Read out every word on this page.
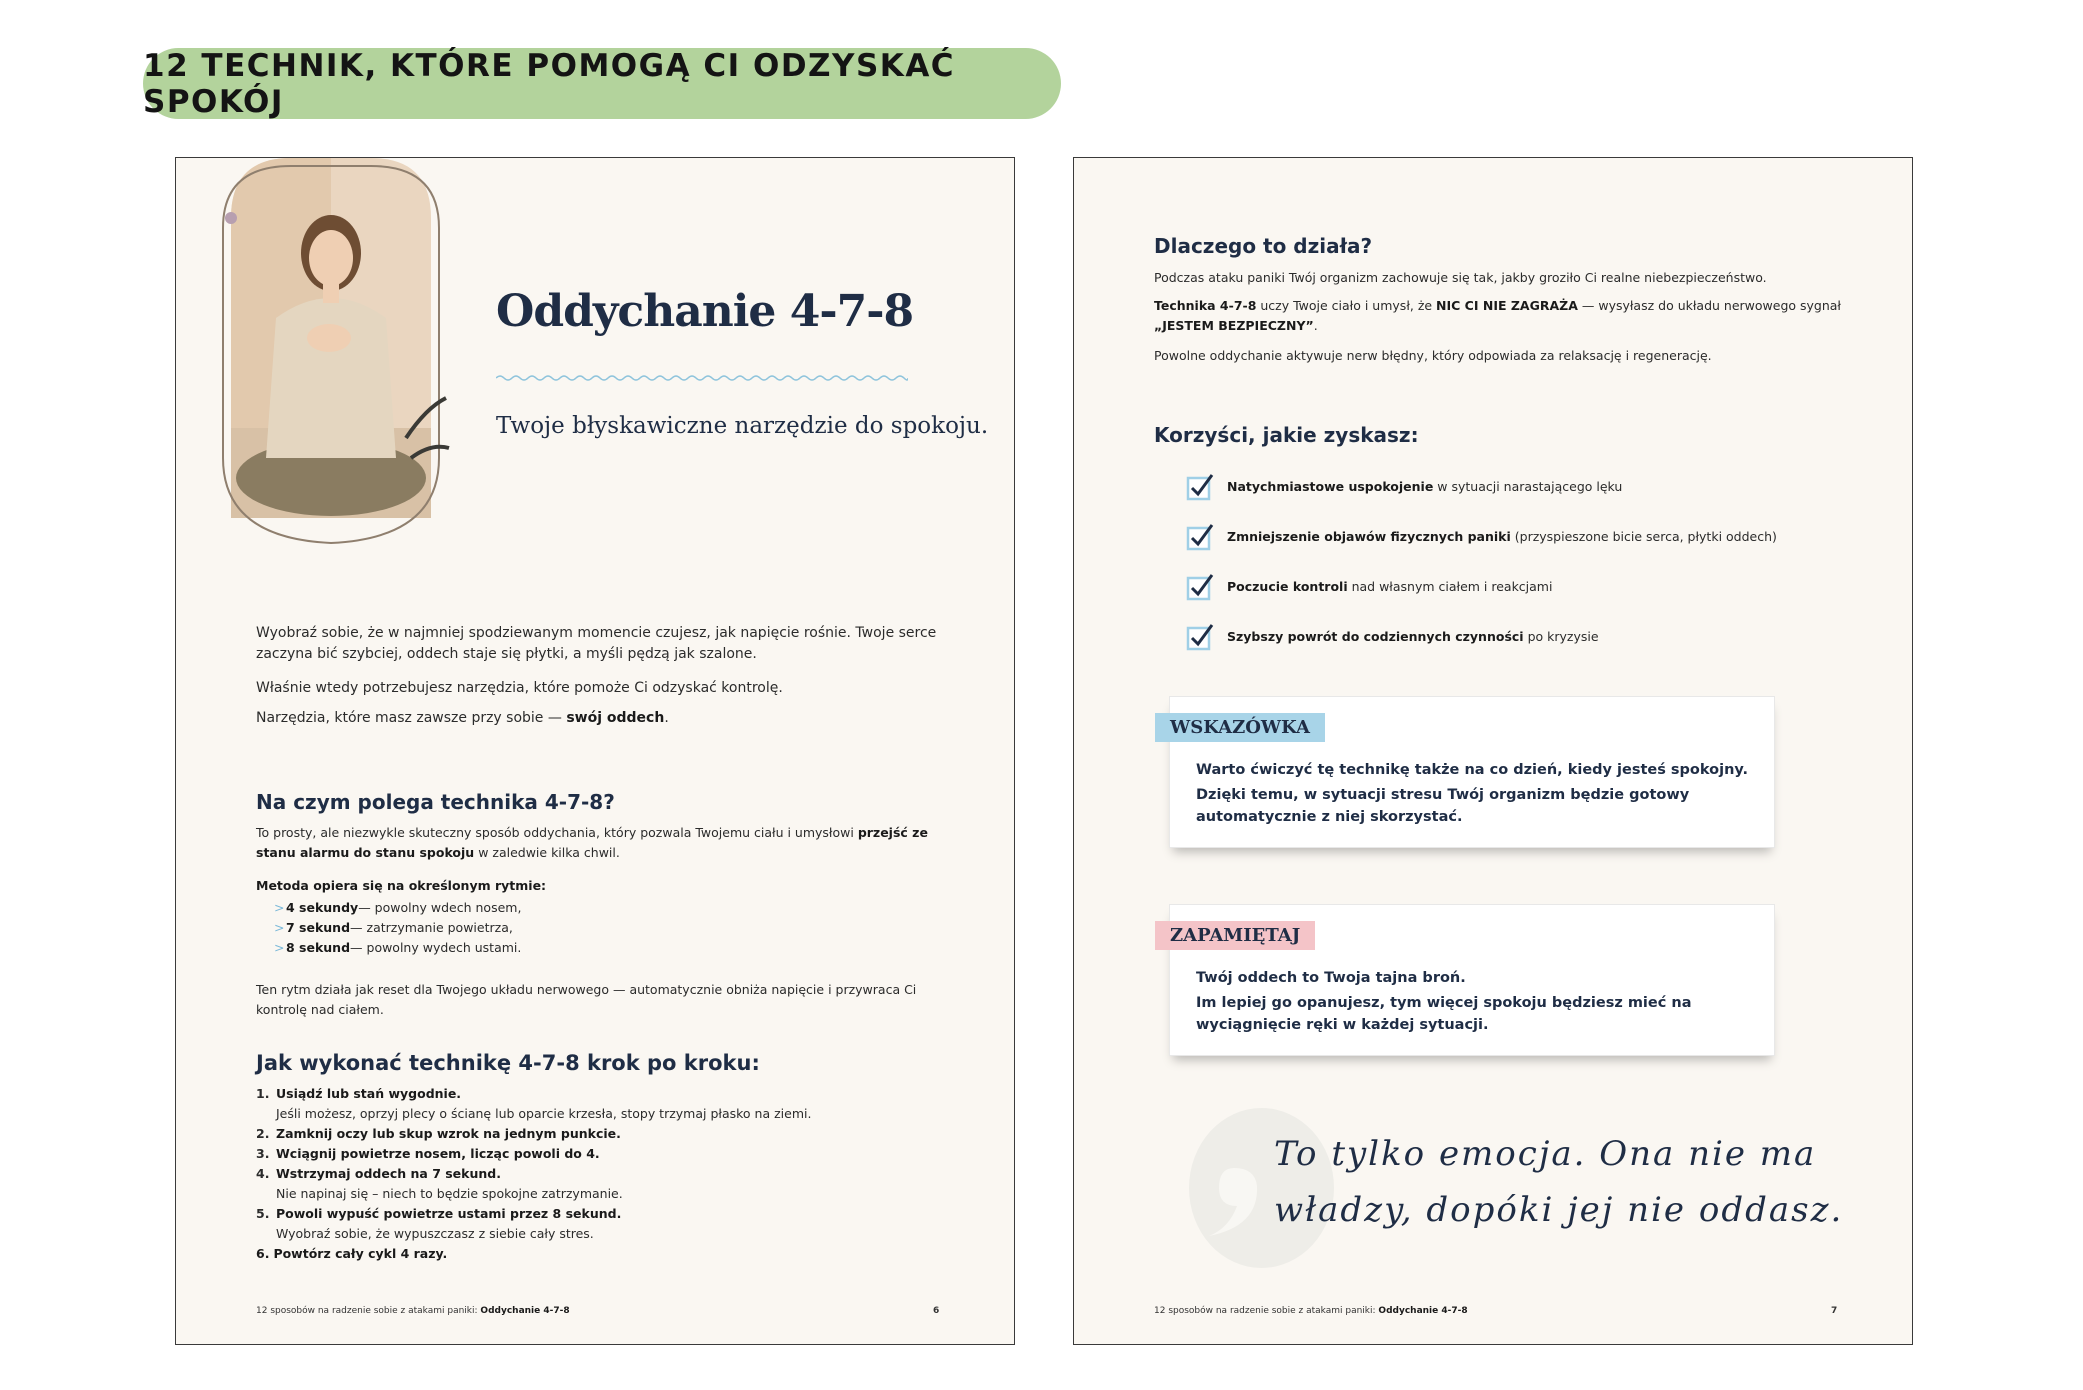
12 TECHNIK, KTÓRE POMOGĄ CI ODZYSKAĆ SPOKÓJ
Oddychanie 4-7-8
Twoje błyskawiczne narzędzie do spokoju.
Wyobraź sobie, że w najmniej spodziewanym momencie czujesz, jak napięcie rośnie. Twoje serce zaczyna bić szybciej, oddech staje się płytki, a myśli pędzą jak szalone.
Właśnie wtedy potrzebujesz narzędzia, które pomoże Ci odzyskać kontrolę.
Narzędzia, które masz zawsze przy sobie — swój oddech.
Na czym polega technika 4-7-8?
To prosty, ale niezwykle skuteczny sposób oddychania, który pozwala Twojemu ciału i umysłowi przejść ze stanu alarmu do stanu spokoju w zaledwie kilka chwil.
Metoda opiera się na określonym rytmie:
> 4 sekundy — powolny wdech nosem,
> 7 sekund — zatrzymanie powietrza,
> 8 sekund — powolny wydech ustami.
Ten rytm działa jak reset dla Twojego układu nerwowego — automatycznie obniża napięcie i przywraca Ci kontrolę nad ciałem.
Jak wykonać technikę 4-7-8 krok po kroku:
1. Usiądź lub stań wygodnie.
Jeśli możesz, oprzyj plecy o ścianę lub oparcie krzesła, stopy trzymaj płasko na ziemi.
2. Zamknij oczy lub skup wzrok na jednym punkcie.
3. Wciągnij powietrze nosem, licząc powoli do 4.
4. Wstrzymaj oddech na 7 sekund.
Nie napinaj się – niech to będzie spokojne zatrzymanie.
5. Powoli wypuść powietrze ustami przez 8 sekund.
Wyobraź sobie, że wypuszczasz z siebie cały stres.
6. Powtórz cały cykl 4 razy.
12 sposobów na radzenie sobie z atakami paniki: Oddychanie 4-7-8	6
Dlaczego to działa?
Podczas ataku paniki Twój organizm zachowuje się tak, jakby groziło Ci realne niebezpieczeństwo.
Technika 4-7-8 uczy Twoje ciało i umysł, że NIC CI NIE ZAGRAŻA — wysyłasz do układu nerwowego sygnał „JESTEM BEZPIECZNY”.
Powolne oddychanie aktywuje nerw błędny, który odpowiada za relaksację i regenerację.
Korzyści, jakie zyskasz:
Natychmiastowe uspokojenie w sytuacji narastającego lęku
Zmniejszenie objawów fizycznych paniki (przyspieszone bicie serca, płytki oddech)
Poczucie kontroli nad własnym ciałem i reakcjami
Szybszy powrót do codziennych czynności po kryzysie
WSKAZÓWKA
Warto ćwiczyć tę technikę także na co dzień, kiedy jesteś spokojny.
Dzięki temu, w sytuacji stresu Twój organizm będzie gotowy automatycznie z niej skorzystać.
ZAPAMIĘTAJ
Twój oddech to Twoja tajna broń.
Im lepiej go opanujesz, tym więcej spokoju będziesz mieć na wyciągnięcie ręki w każdej sytuacji.
To tylko emocja. Ona nie ma
władzy, dopóki jej nie oddasz.
12 sposobów na radzenie sobie z atakami paniki: Oddychanie 4-7-8	7
